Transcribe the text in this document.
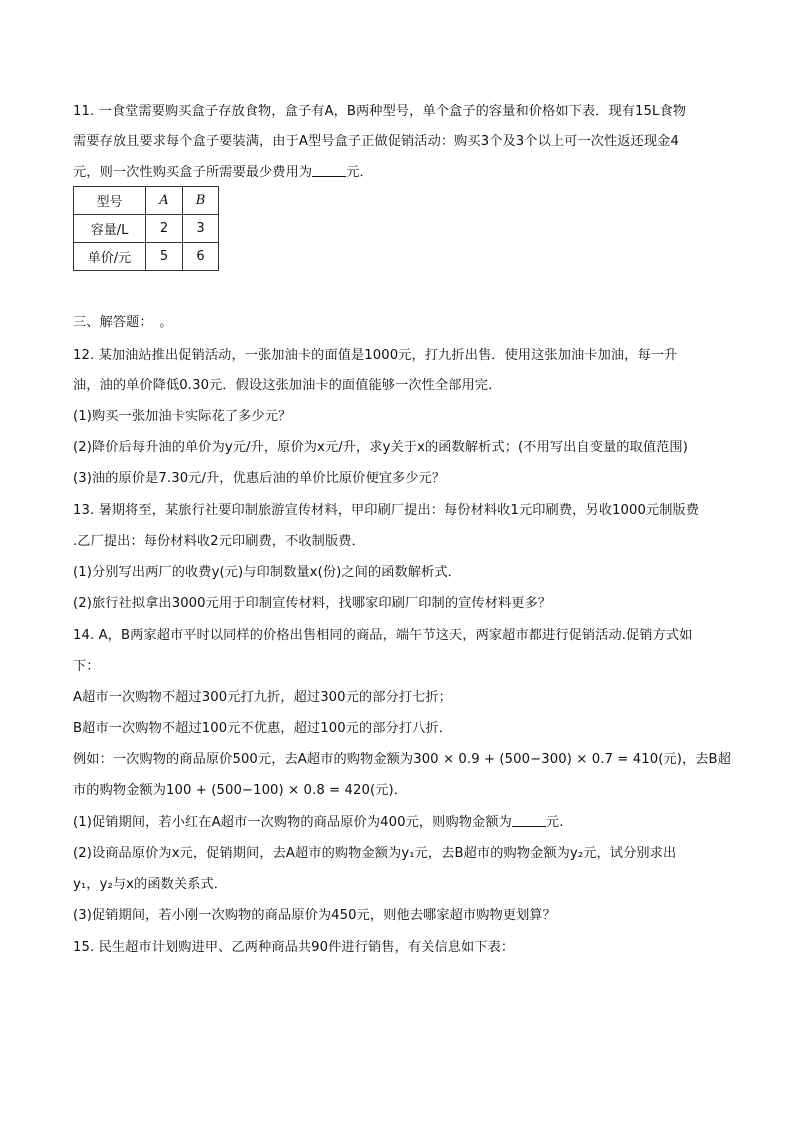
11. 一食堂需要购买盒子存放食物，盒子有A，B两种型号，单个盒子的容量和价格如下表．现有15L食物
需要存放且要求每个盒子要装满，由于A型号盒子正做促销活动：购买3个及3个以上可一次性返还现金4
元，则一次性购买盒子所需要最少费用为	元．
型号	A	B
容量/L	2	3
单价/元	5	6
三、解答题：　。
12. 某加油站推出促销活动，一张加油卡的面值是1000元，打九折出售．使用这张加油卡加油，每一升
油，油的单价降低0.30元．假设这张加油卡的面值能够一次性全部用完．
(1)购买一张加油卡实际花了多少元？
(2)降价后每升油的单价为y元/升，原价为x元/升，求y关于x的函数解析式；(不用写出自变量的取值范围)
(3)油的原价是7.30元/升，优惠后油的单价比原价便宜多少元？
13. 暑期将至，某旅行社要印制旅游宣传材料，甲印刷厂提出：每份材料收1元印刷费，另收1000元制版费
.乙厂提出：每份材料收2元印刷费，不收制版费．
(1)分别写出两厂的收费y(元)与印制数量x(份)之间的函数解析式．
(2)旅行社拟拿出3000元用于印制宣传材料，找哪家印刷厂印制的宣传材料更多？
14. A，B两家超市平时以同样的价格出售相同的商品，端午节这天，两家超市都进行促销活动.促销方式如
下：
A超市一次购物不超过300元打九折，超过300元的部分打七折；
B超市一次购物不超过100元不优惠，超过100元的部分打八折．
例如：一次购物的商品原价500元，去A超市的购物金额为300 × 0.9 + (500−300) × 0.7 = 410(元)，去B超
市的购物金额为100 + (500−100) × 0.8 = 420(元)．
(1)促销期间，若小红在A超市一次购物的商品原价为400元，则购物金额为	元.
(2)设商品原价为x元，促销期间，去A超市的购物金额为y₁元，去B超市的购物金额为y₂元，试分别求出
y₁，y₂与x的函数关系式．
(3)促销期间，若小刚一次购物的商品原价为450元，则他去哪家超市购物更划算？
15. 民生超市计划购进甲、乙两种商品共90件进行销售，有关信息如下表：
